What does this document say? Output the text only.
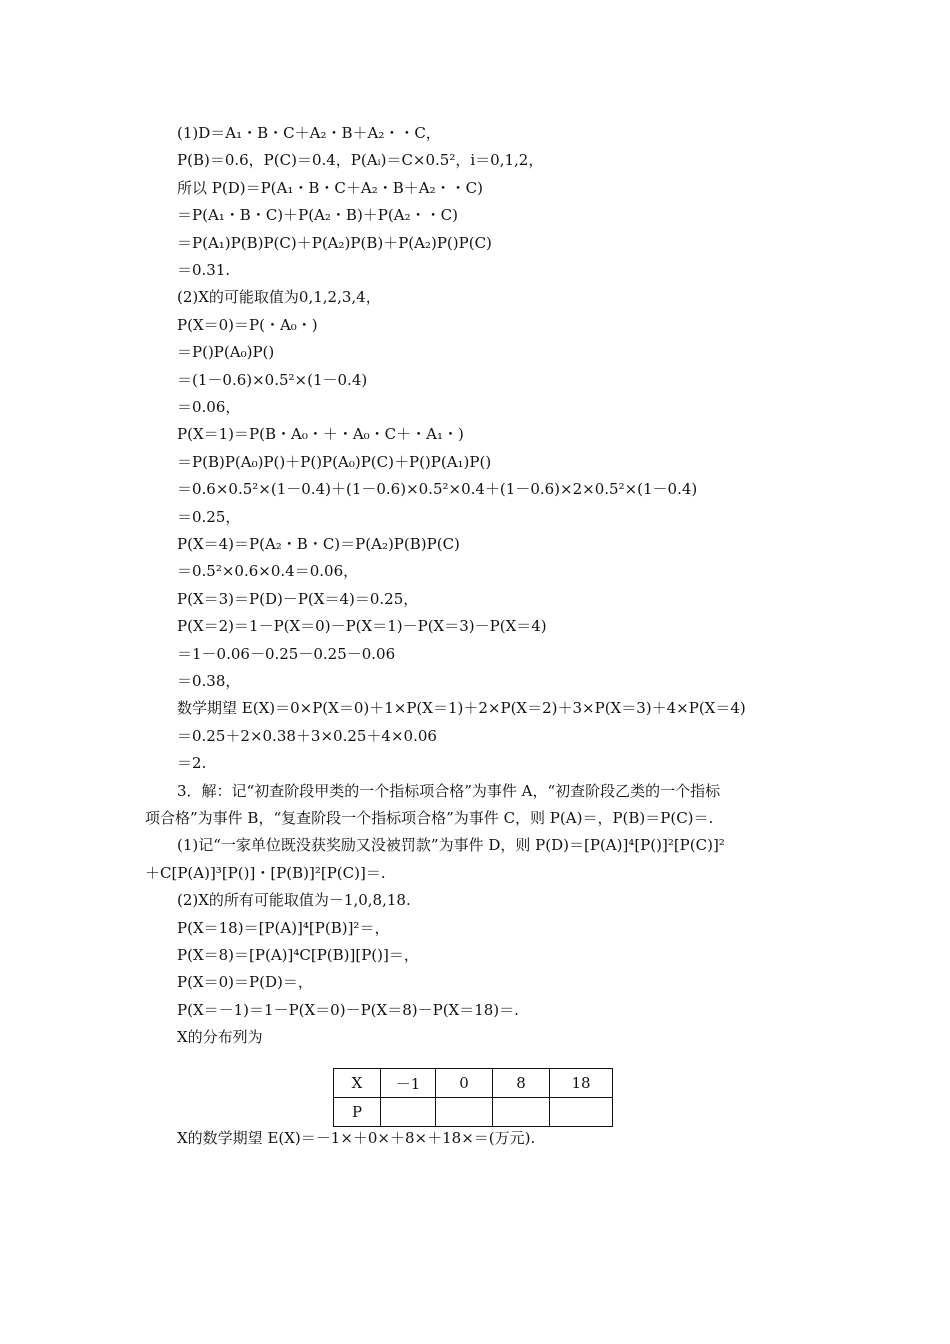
(1)D＝A₁・B・C＋A₂・B＋A₂・・C，
P(B)＝0.6，P(C)＝0.4，P(Aᵢ)＝C×0.5²，i＝0,1,2，
所以 P(D)＝P(A₁・B・C＋A₂・B＋A₂・・C)
＝P(A₁・B・C)＋P(A₂・B)＋P(A₂・・C)
＝P(A₁)P(B)P(C)＋P(A₂)P(B)＋P(A₂)P()P(C)
＝0.31.
(2)X的可能取值为0,1,2,3,4，
P(X＝0)＝P(・A₀・)
＝P()P(A₀)P()
＝(1－0.6)×0.5²×(1－0.4)
＝0.06，
P(X＝1)＝P(B・A₀・＋・A₀・C＋・A₁・)
＝P(B)P(A₀)P()＋P()P(A₀)P(C)＋P()P(A₁)P()
＝0.6×0.5²×(1－0.4)＋(1－0.6)×0.5²×0.4＋(1－0.6)×2×0.5²×(1－0.4)
＝0.25，
P(X＝4)＝P(A₂・B・C)＝P(A₂)P(B)P(C)
＝0.5²×0.6×0.4＝0.06，
P(X＝3)＝P(D)－P(X＝4)＝0.25，
P(X＝2)＝1－P(X＝0)－P(X＝1)－P(X＝3)－P(X＝4)
＝1－0.06－0.25－0.25－0.06
＝0.38，
数学期望 E(X)＝0×P(X＝0)＋1×P(X＝1)＋2×P(X＝2)＋3×P(X＝3)＋4×P(X＝4)
＝0.25＋2×0.38＋3×0.25＋4×0.06
＝2.
3．解：记“初查阶段甲类的一个指标项合格”为事件 A，“初查阶段乙类的一个指标
项合格”为事件 B，“复查阶段一个指标项合格”为事件 C，则 P(A)＝，P(B)＝P(C)＝.
(1)记“一家单位既没获奖励又没被罚款”为事件 D，则 P(D)＝[P(A)]⁴[P()]²[P(C)]²
＋C[P(A)]³[P()]・[P(B)]²[P(C)]＝.
(2)X的所有可能取值为－1,0,8,18.
P(X＝18)＝[P(A)]⁴[P(B)]²＝，
P(X＝8)＝[P(A)]⁴C[P(B)][P()]＝，
P(X＝0)＝P(D)＝，
P(X＝－1)＝1－P(X＝0)－P(X＝8)－P(X＝18)＝.
X的分布列为
X	－1	0	8	18
P				
X的数学期望 E(X)＝－1×＋0×＋8×＋18×＝(万元).
